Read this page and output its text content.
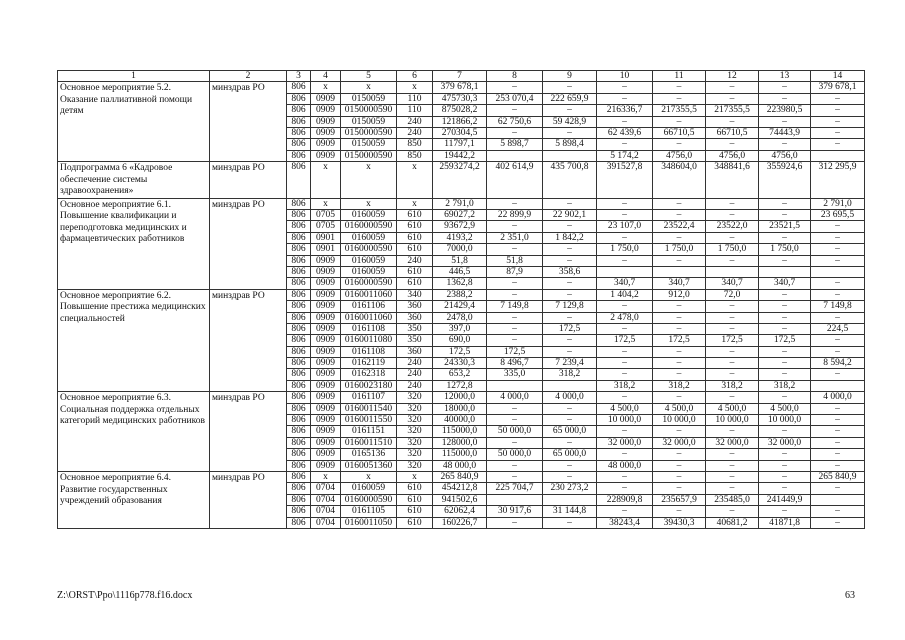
1	2	3	4	5	6	7	8	9	10	11	12	13	14
Основное мероприятие 5.2. Оказание паллиативной помощи детям	минздрав РО	806	x	x	x	379 678,1	–	–	–	–	–	–	379 678,1
		806	0909	0150059	110	475730,3	253 070,4	222 659,9	–	–	–	–	–
		806	0909	0150000590	110	875028,2	–	–	216336,7	217355,5	217355,5	223980,5	–
		806	0909	0150059	240	121866,2	62 750,6	59 428,9	–	–	–	–	–
		806	0909	0150000590	240	270304,5	–	–	62 439,6	66710,5	66710,5	74443,9	–
		806	0909	0150059	850	11797,1	5 898,7	5 898,4	–	–	–	–	–
		806	0909	0150000590	850	19442,2			5 174,2	4756,0	4756,0	4756,0	
Подпрограмма 6 «Кадровое обеспечение системы здравоохранения»	минздрав РО	806	x	x	x	2593274,2	402 614,9	435 700,8	391527,8	348604,0	348841,6	355924,6	312 295,9
Основное мероприятие 6.1. Повышение квалификации и переподготовка медицинских и фармацевтических работников	минздрав РО	806	x	x	x	2 791,0	–	–	–	–	–	–	2 791,0
		806	0705	0160059	610	69027,2	22 899,9	22 902,1	–	–	–	–	23 695,5
		806	0705	0160000590	610	93672,9	–	–	23 107,0	23522,4	23522,0	23521,5	–
		806	0901	0160059	610	4193,2	2 351,0	1 842,2	–	–	–	–	–
		806	0901	0160000590	610	7000,0	–	–	1 750,0	1 750,0	1 750,0	1 750,0	–
		806	0909	0160059	240	51,8	51,8	–	–	–	–	–	–
		806	0909	0160059	610	446,5	87,9	358,6					
		806	0909	0160000590	610	1362,8	–	–	340,7	340,7	340,7	340,7	–
Основное мероприятие 6.2. Повышение престижа медицинских специальностей	минздрав РО	806	0909	0160011060	340	2388,2	–	–	1 404,2	912,0	72,0	–	–
		806	0909	0161106	360	21429,4	7 149,8	7 129,8	–	–	–	–	7 149,8
		806	0909	0160011060	360	2478,0	–	–	2 478,0	–	–	–	–
		806	0909	0161108	350	397,0	–	172,5	–	–	–	–	224,5
		806	0909	0160011080	350	690,0	–	–	172,5	172,5	172,5	172,5	–
		806	0909	0161108	360	172,5	172,5	–	–	–	–	–	–
		806	0909	0162119	240	24330,3	8 496,7	7 239,4	–	–	–	–	8 594,2
		806	0909	0162318	240	653,2	335,0	318,2	–	–	–	–	–
		806	0909	0160023180	240	1272,8			318,2	318,2	318,2	318,2	
Основное мероприятие 6.3. Социальная поддержка отдельных категорий медицинских работников	минздрав РО	806	0909	0161107	320	12000,0	4 000,0	4 000,0	–	–	–	–	4 000,0
		806	0909	0160011540	320	18000,0	–	–	4 500,0	4 500,0	4 500,0	4 500,0	–
		806	0909	0160011550	320	40000,0	–	–	10 000,0	10 000,0	10 000,0	10 000,0	–
		806	0909	0161151	320	115000,0	50 000,0	65 000,0	–	–	–	–	–
		806	0909	0160011510	320	128000,0	–	–	32 000,0	32 000,0	32 000,0	32 000,0	–
		806	0909	0165136	320	115000,0	50 000,0	65 000,0	–	–	–	–	–
		806	0909	0160051360	320	48 000,0	–	–	48 000,0	–	–	–	–
Основное мероприятие 6.4. Развитие государственных учреждений образования	минздрав РО	806	x	x	x	265 840,9	–	–	–	–	–	–	265 840,9
		806	0704	0160059	610	454212,8	225 704,7	230 273,2	–	–	–	–	–
		806	0704	0160000590	610	941502,6			228909,8	235657,9	235485,0	241449,9	
		806	0704	0161105	610	62062,4	30 917,6	31 144,8	–	–	–	–	–
		806	0704	0160011050	610	160226,7	–	–	38243,4	39430,3	40681,2	41871,8	–
Z:\ORST\Ppo\1116p778.f16.docx	63
